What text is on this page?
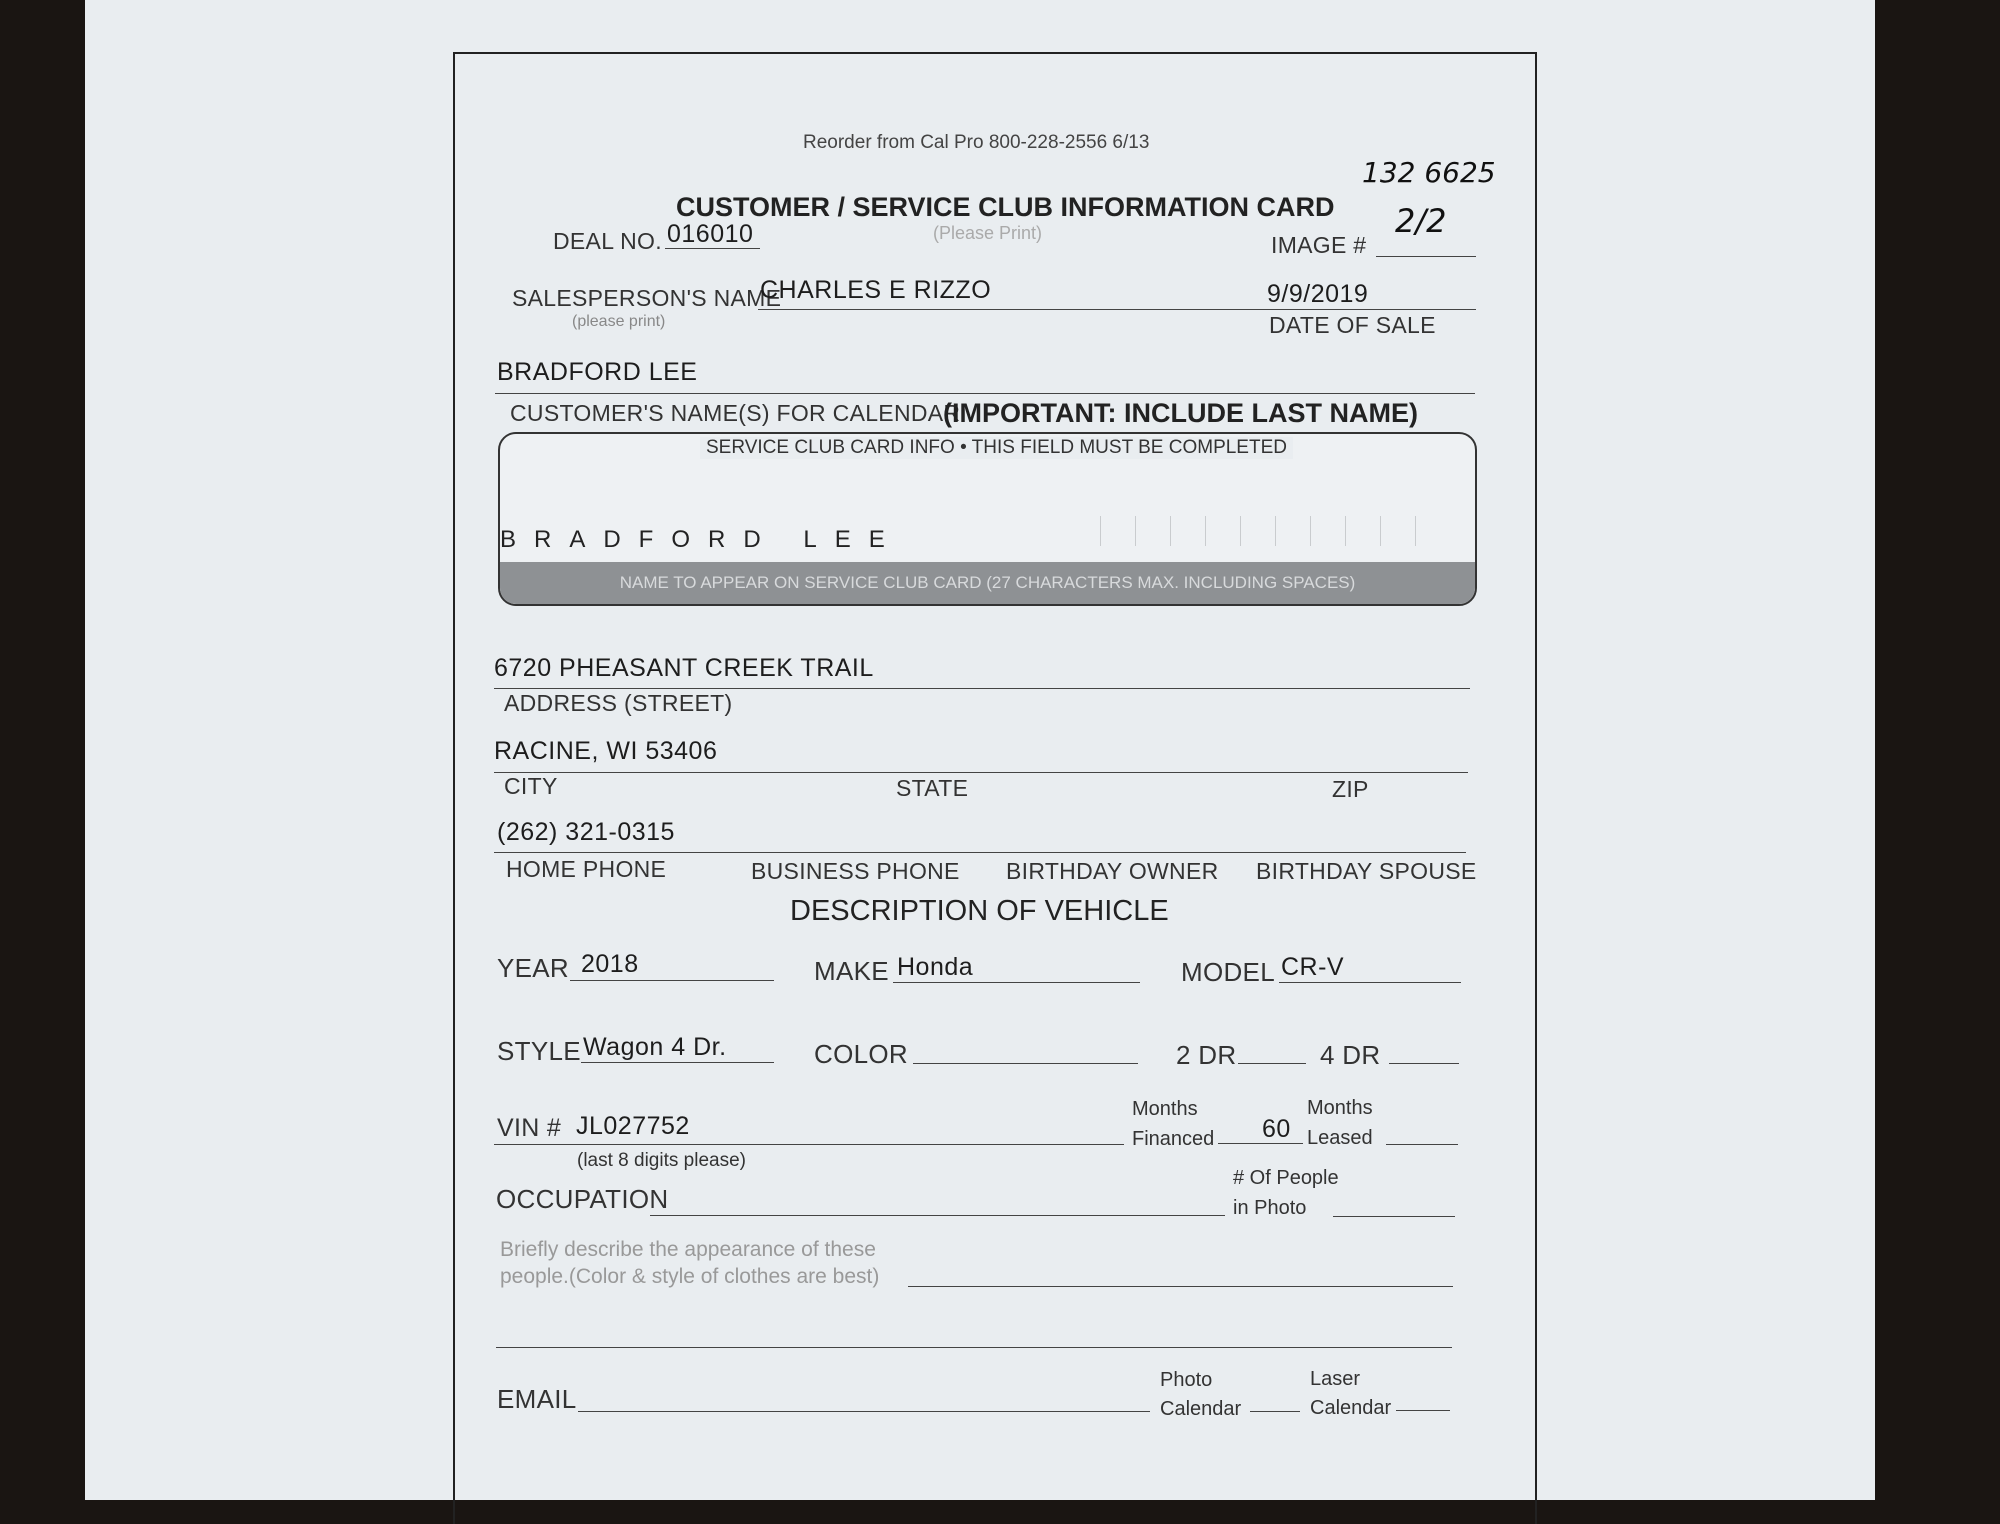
Reorder from Cal Pro 800-228-2556 6/13
132 6625
2/2
CUSTOMER / SERVICE CLUB INFORMATION CARD
DEAL NO. 016010	(Please Print)	IMAGE #
SALESPERSON'S NAME
CHARLES E RIZZO
(please print)
9/9/2019
DATE OF SALE
BRADFORD LEE
CUSTOMER'S NAME(S) FOR CALENDAR
(IMPORTANT: INCLUDE LAST NAME)
BRADFORD LEE
NAME TO APPEAR ON SERVICE CLUB CARD (27 CHARACTERS MAX. INCLUDING SPACES)
SERVICE CLUB CARD INFO • THIS FIELD MUST BE COMPLETED
6720 PHEASANT CREEK TRAIL
ADDRESS (STREET)
RACINE, WI 53406
CITY	STATE	ZIP
(262) 321-0315
HOME PHONE	BUSINESS PHONE BIRTHDAY OWNER BIRTHDAY SPOUSE
DESCRIPTION OF VEHICLE
YEAR 2018	MAKE Honda	MODEL CR-V
STYLE Wagon 4 Dr.	COLOR	2 DR	4 DR
VIN # JL027752
(last 8 digits please)
Months
Financed 60
Months
Leased
OCCUPATION
# Of People
in Photo
Briefly describe the appearance of these
people.(Color & style of clothes are best)
EMAIL
Photo
Calendar
Laser
Calendar
